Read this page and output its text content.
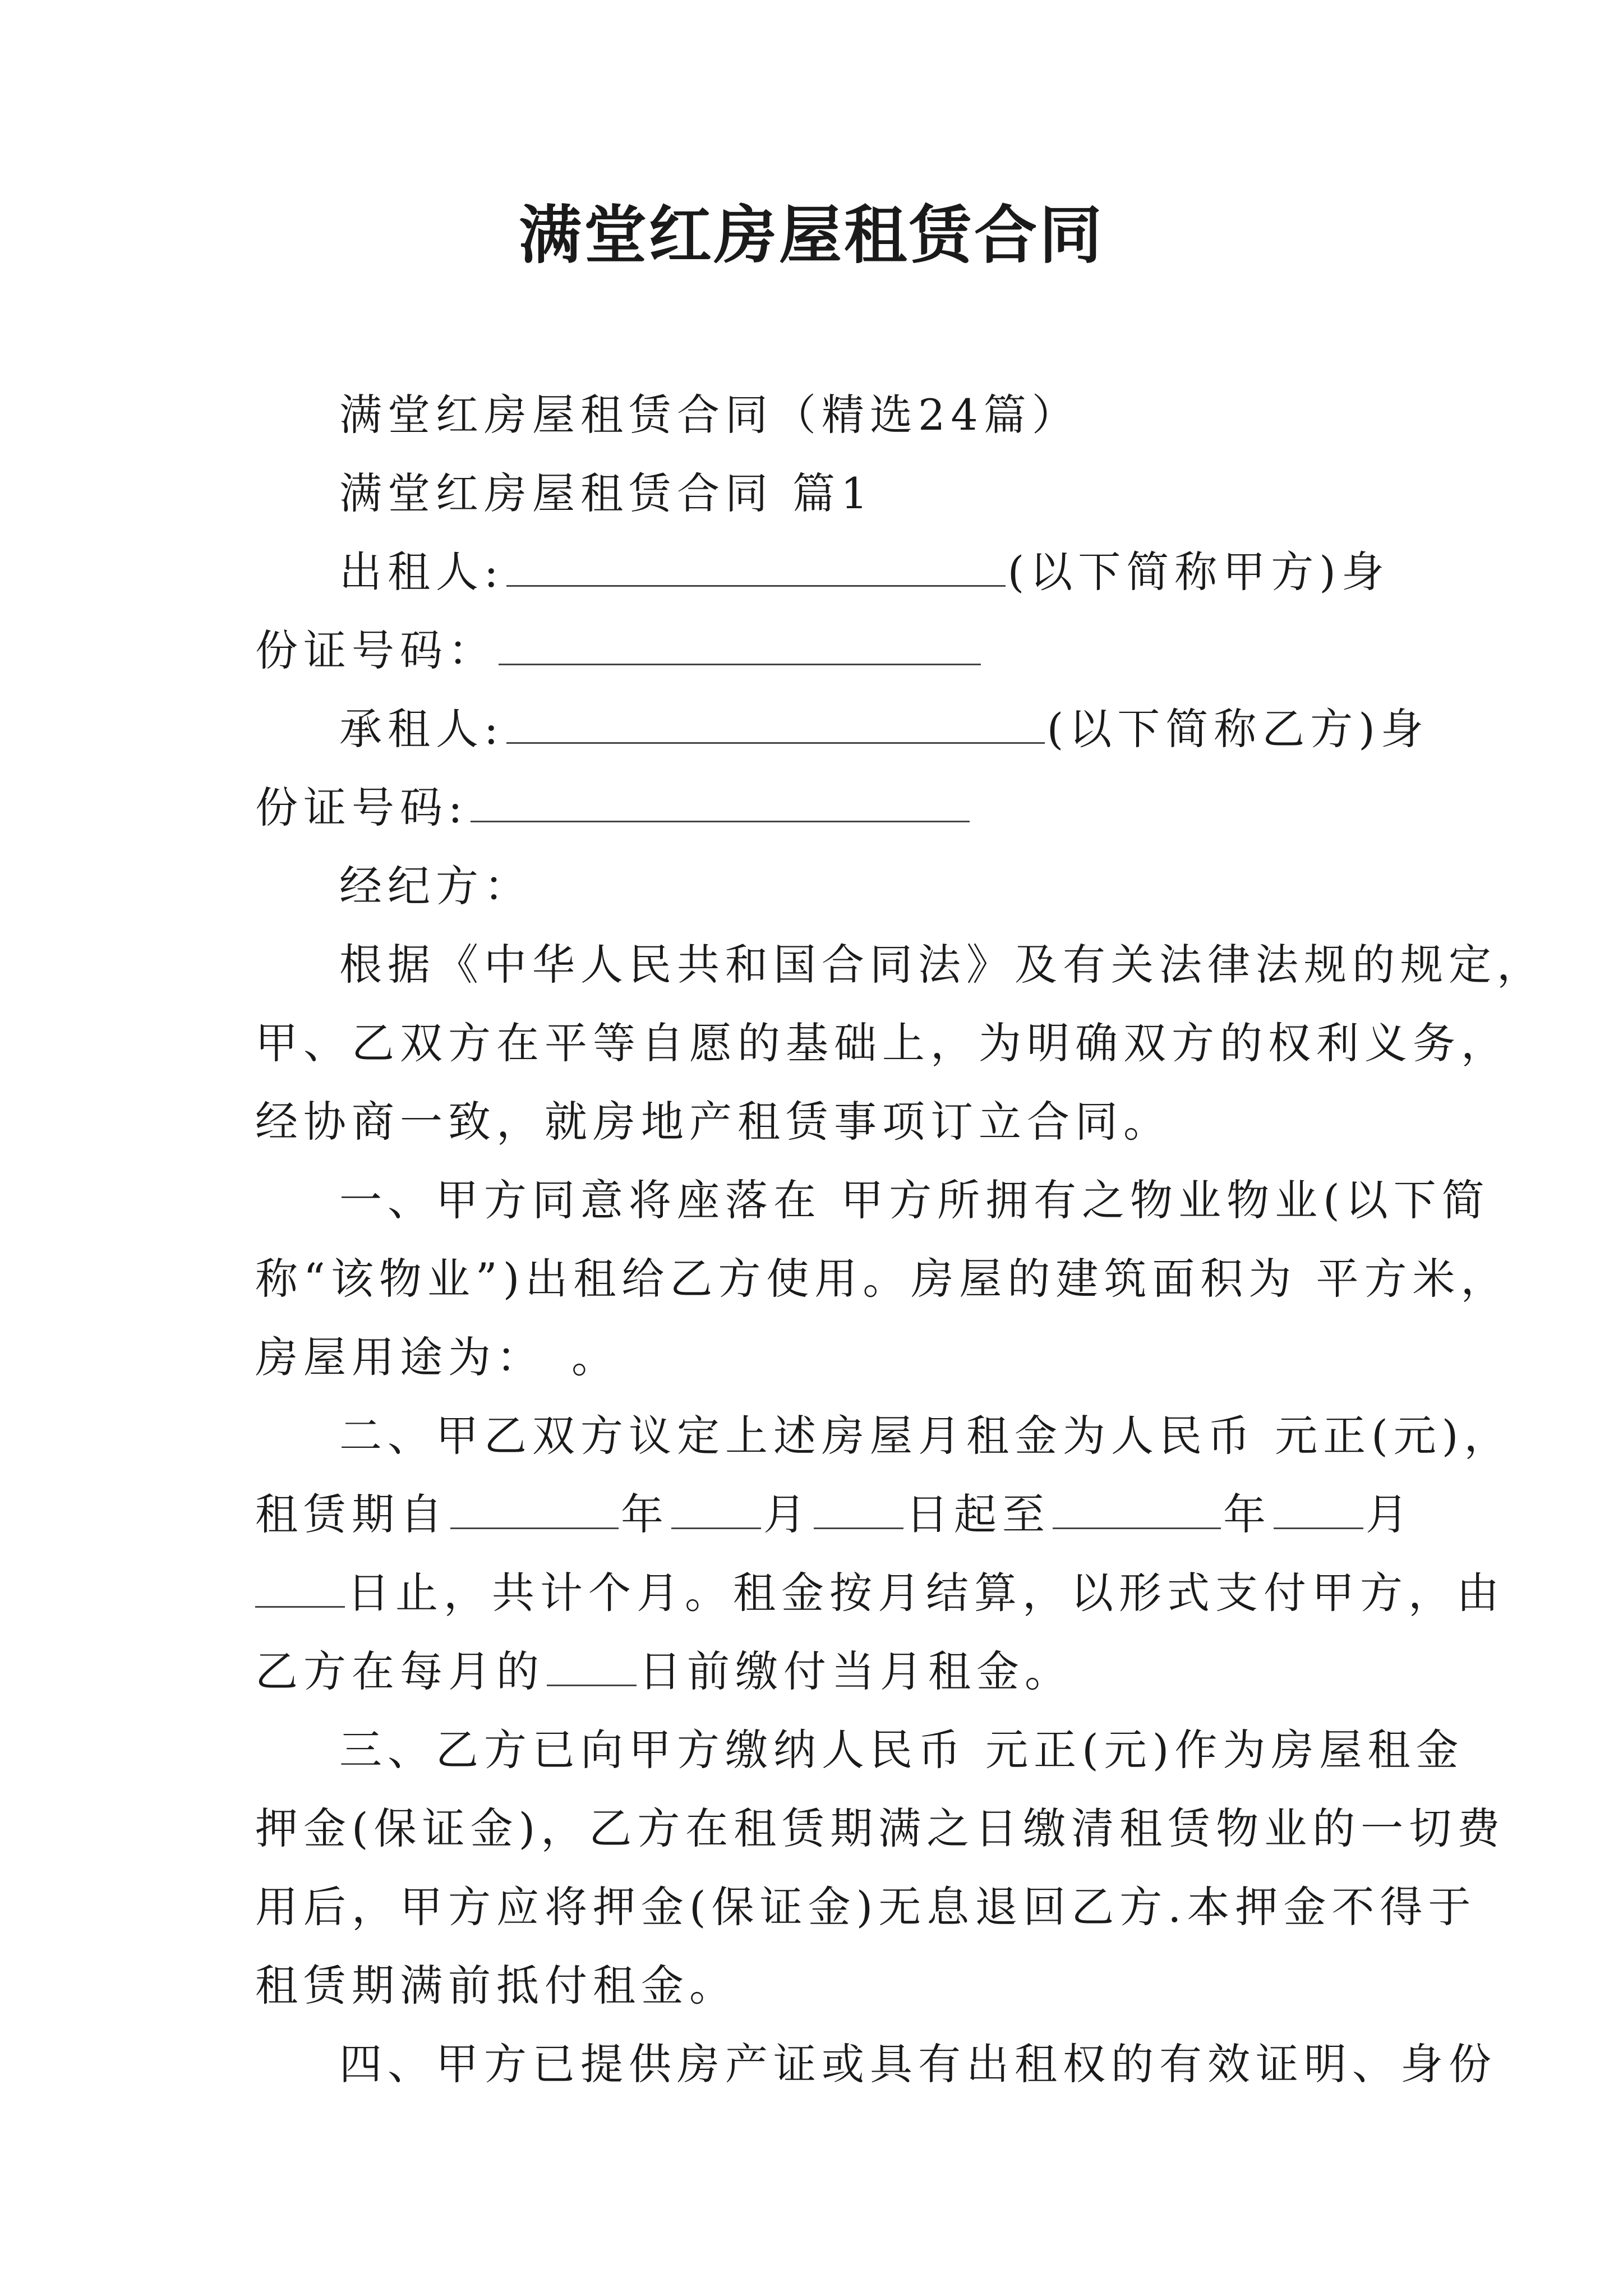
满堂红房屋租赁合同
满堂红房屋租赁合同（精选24篇）
满堂红房屋租赁合同 篇1
出租人:	(以下简称甲方)身
份证号码：
承租人:	(以下简称乙方)身
份证号码:
经纪方：
根据《中华人民共和国合同法》及有关法律法规的规定，
甲、乙双方在平等自愿的基础上，为明确双方的权利义务，
经协商一致，就房地产租赁事项订立合同。
一、甲方同意将座落在 甲方所拥有之物业物业(以下简
称“该物业”)出租给乙方使用。房屋的建筑面积为 平方米，
房屋用途为：　。
二、甲乙双方议定上述房屋月租金为人民币 元正(元)，
租赁期自	年 月 日起至	年 月
日止，共计个月。租金按月结算，以形式支付甲方，由
乙方在每月的 日前缴付当月租金。
三、乙方已向甲方缴纳人民币 元正(元)作为房屋租金
押金(保证金)，乙方在租赁期满之日缴清租赁物业的一切费
用后，甲方应将押金(保证金)无息退回乙方.本押金不得于
租赁期满前抵付租金。
四、甲方已提供房产证或具有出租权的有效证明、身份
